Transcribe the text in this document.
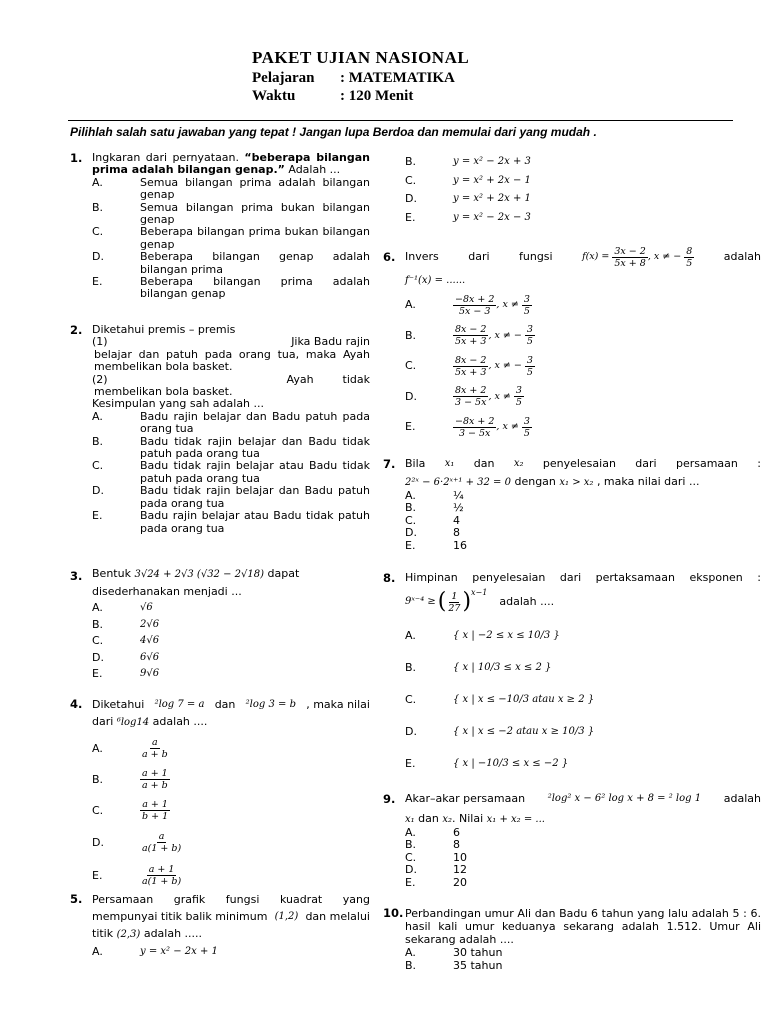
PAKET UJIAN NASIONAL
Pelajaran	: MATEMATIKA
Waktu	: 120 Menit
Pilihlah salah satu jawaban yang tepat ! Jangan lupa Berdoa dan memulai dari yang mudah .
1. Ingkaran dari pernyataan. “beberapa bilangan prima adalah bilangan genap.” Adalah ...
A.	Semua bilangan prima adalah bilangan genap
B.	Semua bilangan prima bukan bilangan genap
C.	Beberapa bilangan prima bukan bilangan genap
D.	Beberapa bilangan genap adalah bilangan prima
E.	Beberapa bilangan prima adalah bilangan genap
2. Diketahui premis – premis
(1)	Jika Badu rajin
belajar dan patuh pada orang tua, maka Ayah membelikan bola basket.
(2)	Ayah	tidak
membelikan bola basket.
Kesimpulan yang sah adalah ...
A.	Badu rajin belajar dan Badu patuh pada orang tua
B.	Badu tidak rajin belajar dan Badu tidak patuh pada orang tua
C.	Badu tidak rajin belajar atau Badu tidak patuh pada orang tua
D.	Badu tidak rajin belajar dan Badu patuh pada orang tua
E.	Badu rajin belajar atau Badu tidak patuh pada orang tua
3. Bentuk 3√24 + 2√3 (√32 − 2√18) dapat
disederhanakan menjadi ...
A.	√6
B.	2√6
C.	4√6
D.	6√6
E.	9√6
4. Diketahui ²log 7 = a dan ²log 3 = b , maka nilai
dari ⁶log14 adalah ....
A.	$\frac{a}{a + b}$
B.	$\frac{a + 1}{a + b}$
C.	$\frac{a + 1}{b + 1}$
D.	$\frac{a}{a(1 + b)}$
E.	$\frac{a + 1}{a(1 + b)}$
5. Persamaan grafik fungsi kuadrat yang
mempunyai titik balik minimum (1,2) dan melalui
titik (2,3) adalah .....
A.	y = x² − 2x + 1
B.	y = x² − 2x + 3
C.	y = x² + 2x − 1
D.	y = x² + 2x + 1
E.	y = x² − 2x − 3
6. Invers	dari	fungsi	f(x) =
$\frac{3x - 2}{5x + 8}$ , x ≠ −
$\frac{8}{5}$	adalah
f⁻¹(x) = ......
A.	$\frac{-8x + 2}{5x - 3}$ , x ≠
$\frac{3}{5}$
B.	$\frac{8x - 2}{5x + 3}$ , x ≠ −
$\frac{3}{5}$
C.	$\frac{8x - 2}{5x + 3}$ , x ≠ −
$\frac{3}{5}$
D.	$\frac{8x + 2}{3 - 5x}$ , x ≠
$\frac{3}{5}$
E.	$\frac{-8x + 2}{3 - 5x}$ , x ≠
$\frac{3}{5}$
7. Bila x₁ dan x₂ penyelesaian dari persamaan :
2²ˣ − 6·2ˣ⁺¹ + 32 = 0 dengan x₁ > x₂ , maka nilai dari ...
A.	¼
B.	½
C.	4
D.	8
E.	16
8. Himpinan penyelesaian dari pertaksamaan eksponen :
9ˣ⁻⁴ ≥ ( $\frac{1}{27}$ ) x−1
adalah ....
A.	{ x | −2 ≤ x ≤ 10/3 }
B.	{ x | 10/3 ≤ x ≤ 2 }
C.	{ x | x ≤ −10/3 atau x ≥ 2 }
D.	{ x | x ≤ −2 atau x ≥ 10/3 }
E.	{ x | −10/3 ≤ x ≤ −2 }
9. Akar–akar persamaan ²log² x − 6² log x + 8 = ² log 1 adalah
x₁ dan x₂. Nilai x₁ + x₂ = ...
A.	6
B.	8
C.	10
D.	12
E.	20
10. Perbandingan umur Ali dan Badu 6 tahun yang lalu adalah 5 : 6. hasil kali umur keduanya sekarang adalah 1.512. Umur Ali sekarang adalah ....
A.	30 tahun
B.	35 tahun
